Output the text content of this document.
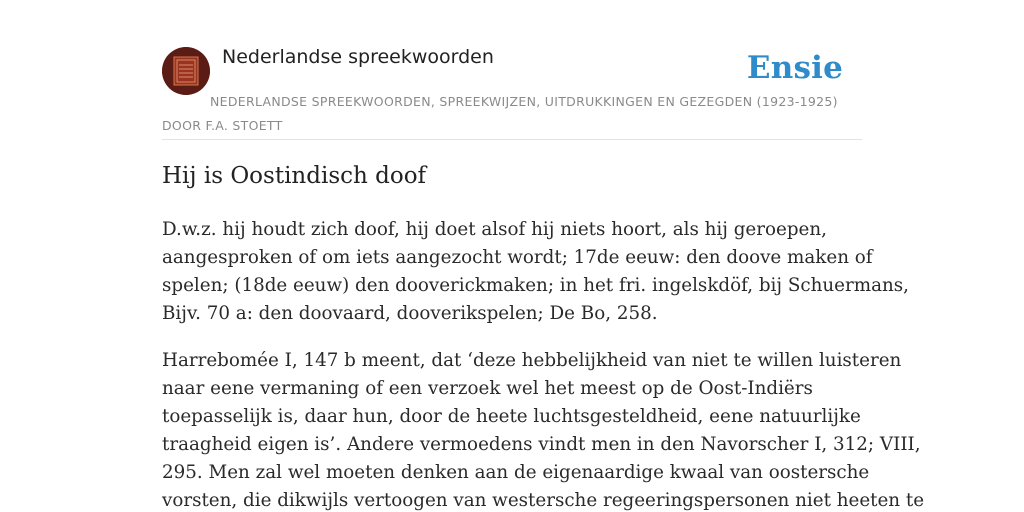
Nederlandse spreekwoorden	Ensie
NEDERLANDSE SPREEKWOORDEN, SPREEKWIJZEN, UITDRUKKINGEN EN GEZEGDEN (1923-1925)
DOOR F.A. STOETT
Hij is Oostindisch doof

D.w.z. hij houdt zich doof, hij doet alsof hij niets hoort, als hij geroepen,
aangesproken of om iets aangezocht wordt; 17de eeuw: den doove maken of
spelen; (18de eeuw) den dooverickmaken; in het fri. ingelskdöf, bij Schuermans,
Bijv. 70 a: den doovaard, dooverikspelen; De Bo, 258.

Harrebomée I, 147 b meent, dat ‘deze hebbelijkheid van niet te willen luisteren
naar eene vermaning of een verzoek wel het meest op de Oost-Indiërs
toepasselijk is, daar hun, door de heete luchtsgesteldheid, eene natuurlijke
traagheid eigen is’. Andere vermoedens vindt men in den Navorscher I, 312; VIII,
295. Men zal wel moeten denken aan de eigenaardige kwaal van oostersche
vorsten, die dikwijls vertoogen van westersche regeeringspersonen niet heeten te
